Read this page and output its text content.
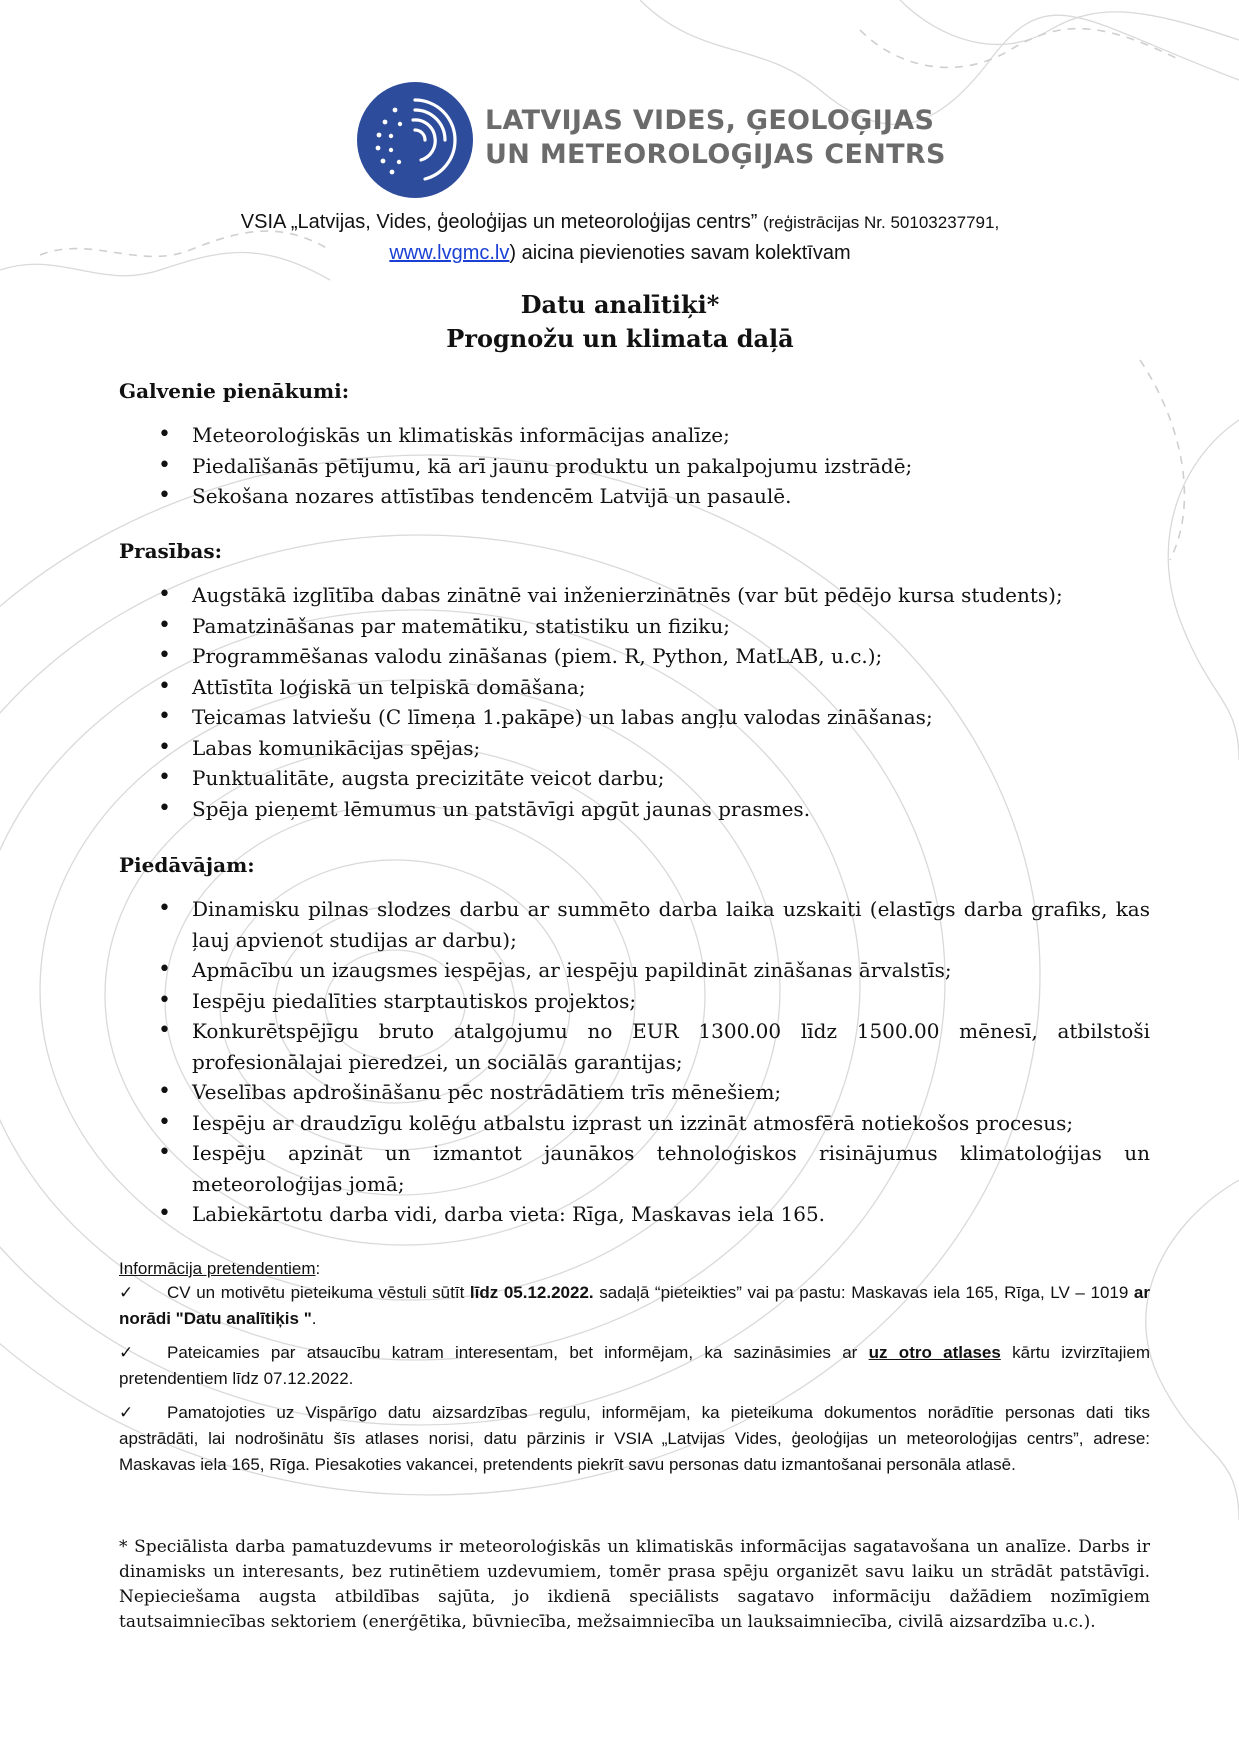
LATVIJAS VIDES, ĢEOLOĢIJAS
UN METEOROLOĢIJAS CENTRS
VSIA „Latvijas, Vides, ģeoloģijas un meteoroloģijas centrs” (reģistrācijas Nr. 50103237791,
www.lvgmc.lv) aicina pievienoties savam kolektīvam
Datu analītiķi*
Prognožu un klimata daļā
Galvenie pienākumi:
• Meteoroloģiskās un klimatiskās informācijas analīze;
• Piedalīšanās pētījumu, kā arī jaunu produktu un pakalpojumu izstrādē;
• Sekošana nozares attīstības tendencēm Latvijā un pasaulē.
Prasības:
• Augstākā izglītība dabas zinātnē vai inženierzinātnēs (var būt pēdējo kursa students);
• Pamatzināšanas par matemātiku, statistiku un fiziku;
• Programmēšanas valodu zināšanas (piem. R, Python, MatLAB, u.c.);
• Attīstīta loģiskā un telpiskā domāšana;
• Teicamas latviešu (C līmeņa 1.pakāpe) un labas angļu valodas zināšanas;
• Labas komunikācijas spējas;
• Punktualitāte, augsta precizitāte veicot darbu;
• Spēja pieņemt lēmumus un patstāvīgi apgūt jaunas prasmes.
Piedāvājam:
• Dinamisku pilnas slodzes darbu ar summēto darba laika uzskaiti (elastīgs darba grafiks, kas ļauj apvienot studijas ar darbu);
• Apmācību un izaugsmes iespējas, ar iespēju papildināt zināšanas ārvalstīs;
• Iespēju piedalīties starptautiskos projektos;
• Konkurētspējīgu bruto atalgojumu no EUR 1300.00 līdz 1500.00 mēnesī, atbilstoši profesionālajai pieredzei, un sociālās garantijas;
• Veselības apdrošināšanu pēc nostrādātiem trīs mēnešiem;
• Iespēju ar draudzīgu kolēģu atbalstu izprast un izzināt atmosfērā notiekošos procesus;
• Iespēju apzināt un izmantot jaunākos tehnoloģiskos risinājumus klimatoloģijas un meteoroloģijas jomā;
• Labiekārtotu darba vidi, darba vieta: Rīga, Maskavas iela 165.
Informācija pretendentiem:
✓ CV un motivētu pieteikuma vēstuli sūtīt līdz 05.12.2022. sadaļā “pieteikties” vai pa pastu: Maskavas iela 165, Rīga, LV – 1019 ar norādi "Datu analītiķis ".
✓ Pateicamies par atsaucību katram interesentam, bet informējam, ka sazināsimies ar uz otro atlases kārtu izvirzītajiem pretendentiem līdz 07.12.2022.
✓ Pamatojoties uz Vispārīgo datu aizsardzības regulu, informējam, ka pieteikuma dokumentos norādītie personas dati tiks apstrādāti, lai nodrošinātu šīs atlases norisi, datu pārzinis ir VSIA „Latvijas Vides, ģeoloģijas un meteoroloģijas centrs”, adrese: Maskavas iela 165, Rīga. Piesakoties vakancei, pretendents piekrīt savu personas datu izmantošanai personāla atlasē.
* Speciālista darba pamatuzdevums ir meteoroloģiskās un klimatiskās informācijas sagatavošana un analīze. Darbs ir dinamisks un interesants, bez rutinētiem uzdevumiem, tomēr prasa spēju organizēt savu laiku un strādāt patstāvīgi. Nepieciešama augsta atbildības sajūta, jo ikdienā speciālists sagatavo informāciju dažādiem nozīmīgiem tautsaimniecības sektoriem (enerģētika, būvniecība, mežsaimniecība un lauksaimniecība, civilā aizsardzība u.c.).
